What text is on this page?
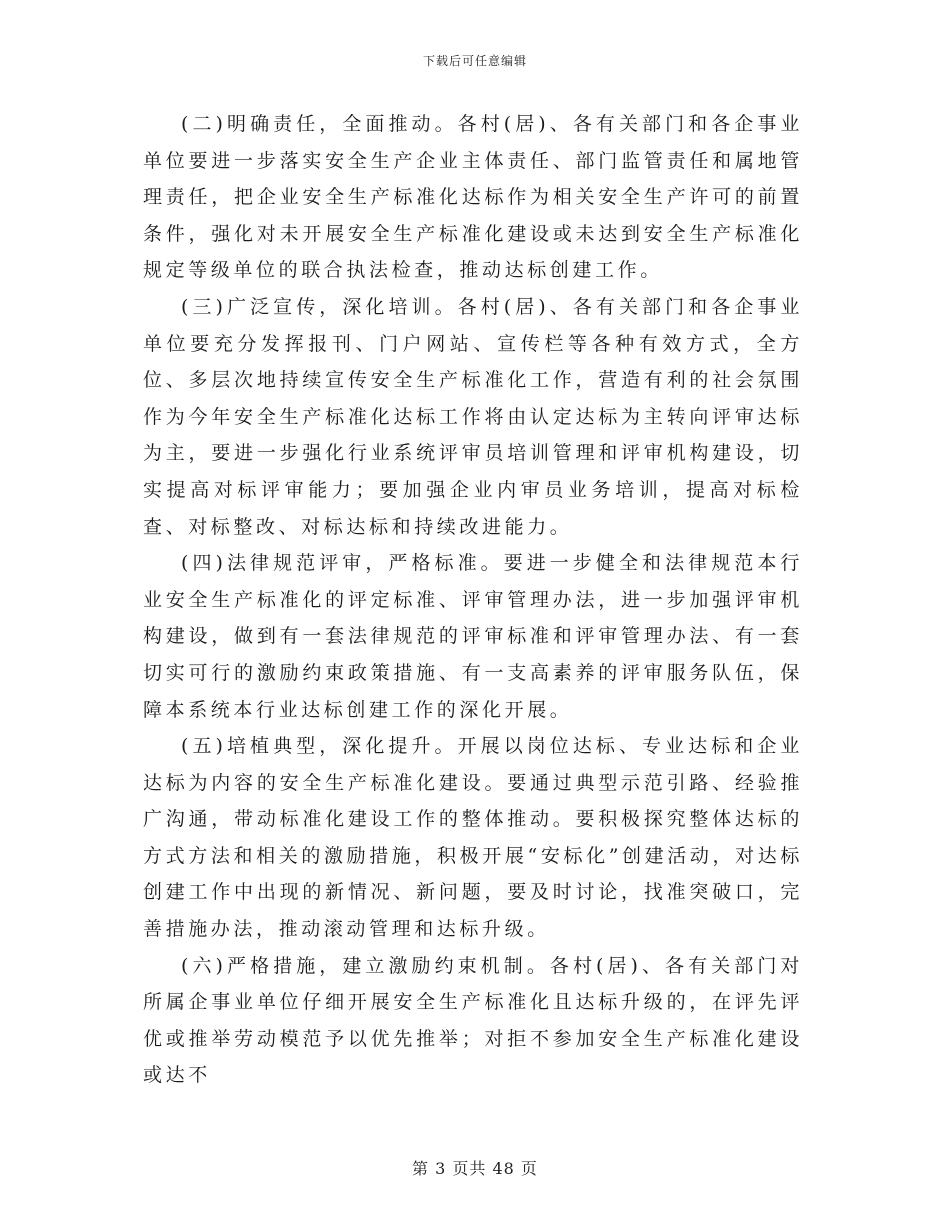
下载后可任意编辑

(二)明确责任，全面推动。各村(居)、各有关部门和各企事业单位要进一步落实安全生产企业主体责任、部门监管责任和属地管理责任，把企业安全生产标准化达标作为相关安全生产许可的前置条件，强化对未开展安全生产标准化建设或未达到安全生产标准化规定等级单位的联合执法检查，推动达标创建工作。

(三)广泛宣传，深化培训。各村(居)、各有关部门和各企事业单位要充分发挥报刊、门户网站、宣传栏等各种有效方式，全方位、多层次地持续宣传安全生产标准化工作，营造有利的社会氛围作为今年安全生产标准化达标工作将由认定达标为主转向评审达标为主，要进一步强化行业系统评审员培训管理和评审机构建设，切实提高对标评审能力；要加强企业内审员业务培训，提高对标检查、对标整改、对标达标和持续改进能力。

(四)法律规范评审，严格标准。要进一步健全和法律规范本行业安全生产标准化的评定标准、评审管理办法，进一步加强评审机构建设，做到有一套法律规范的评审标准和评审管理办法、有一套切实可行的激励约束政策措施、有一支高素养的评审服务队伍，保障本系统本行业达标创建工作的深化开展。

(五)培植典型，深化提升。开展以岗位达标、专业达标和企业达标为内容的安全生产标准化建设。要通过典型示范引路、经验推广沟通，带动标准化建设工作的整体推动。要积极探究整体达标的方式方法和相关的激励措施，积极开展“安标化”创建活动，对达标创建工作中出现的新情况、新问题，要及时讨论，找准突破口，完善措施办法，推动滚动管理和达标升级。

(六)严格措施，建立激励约束机制。各村(居)、各有关部门对所属企事业单位仔细开展安全生产标准化且达标升级的，在评先评优或推举劳动模范予以优先推举；对拒不参加安全生产标准化建设或达不

第 3 页共 48 页
